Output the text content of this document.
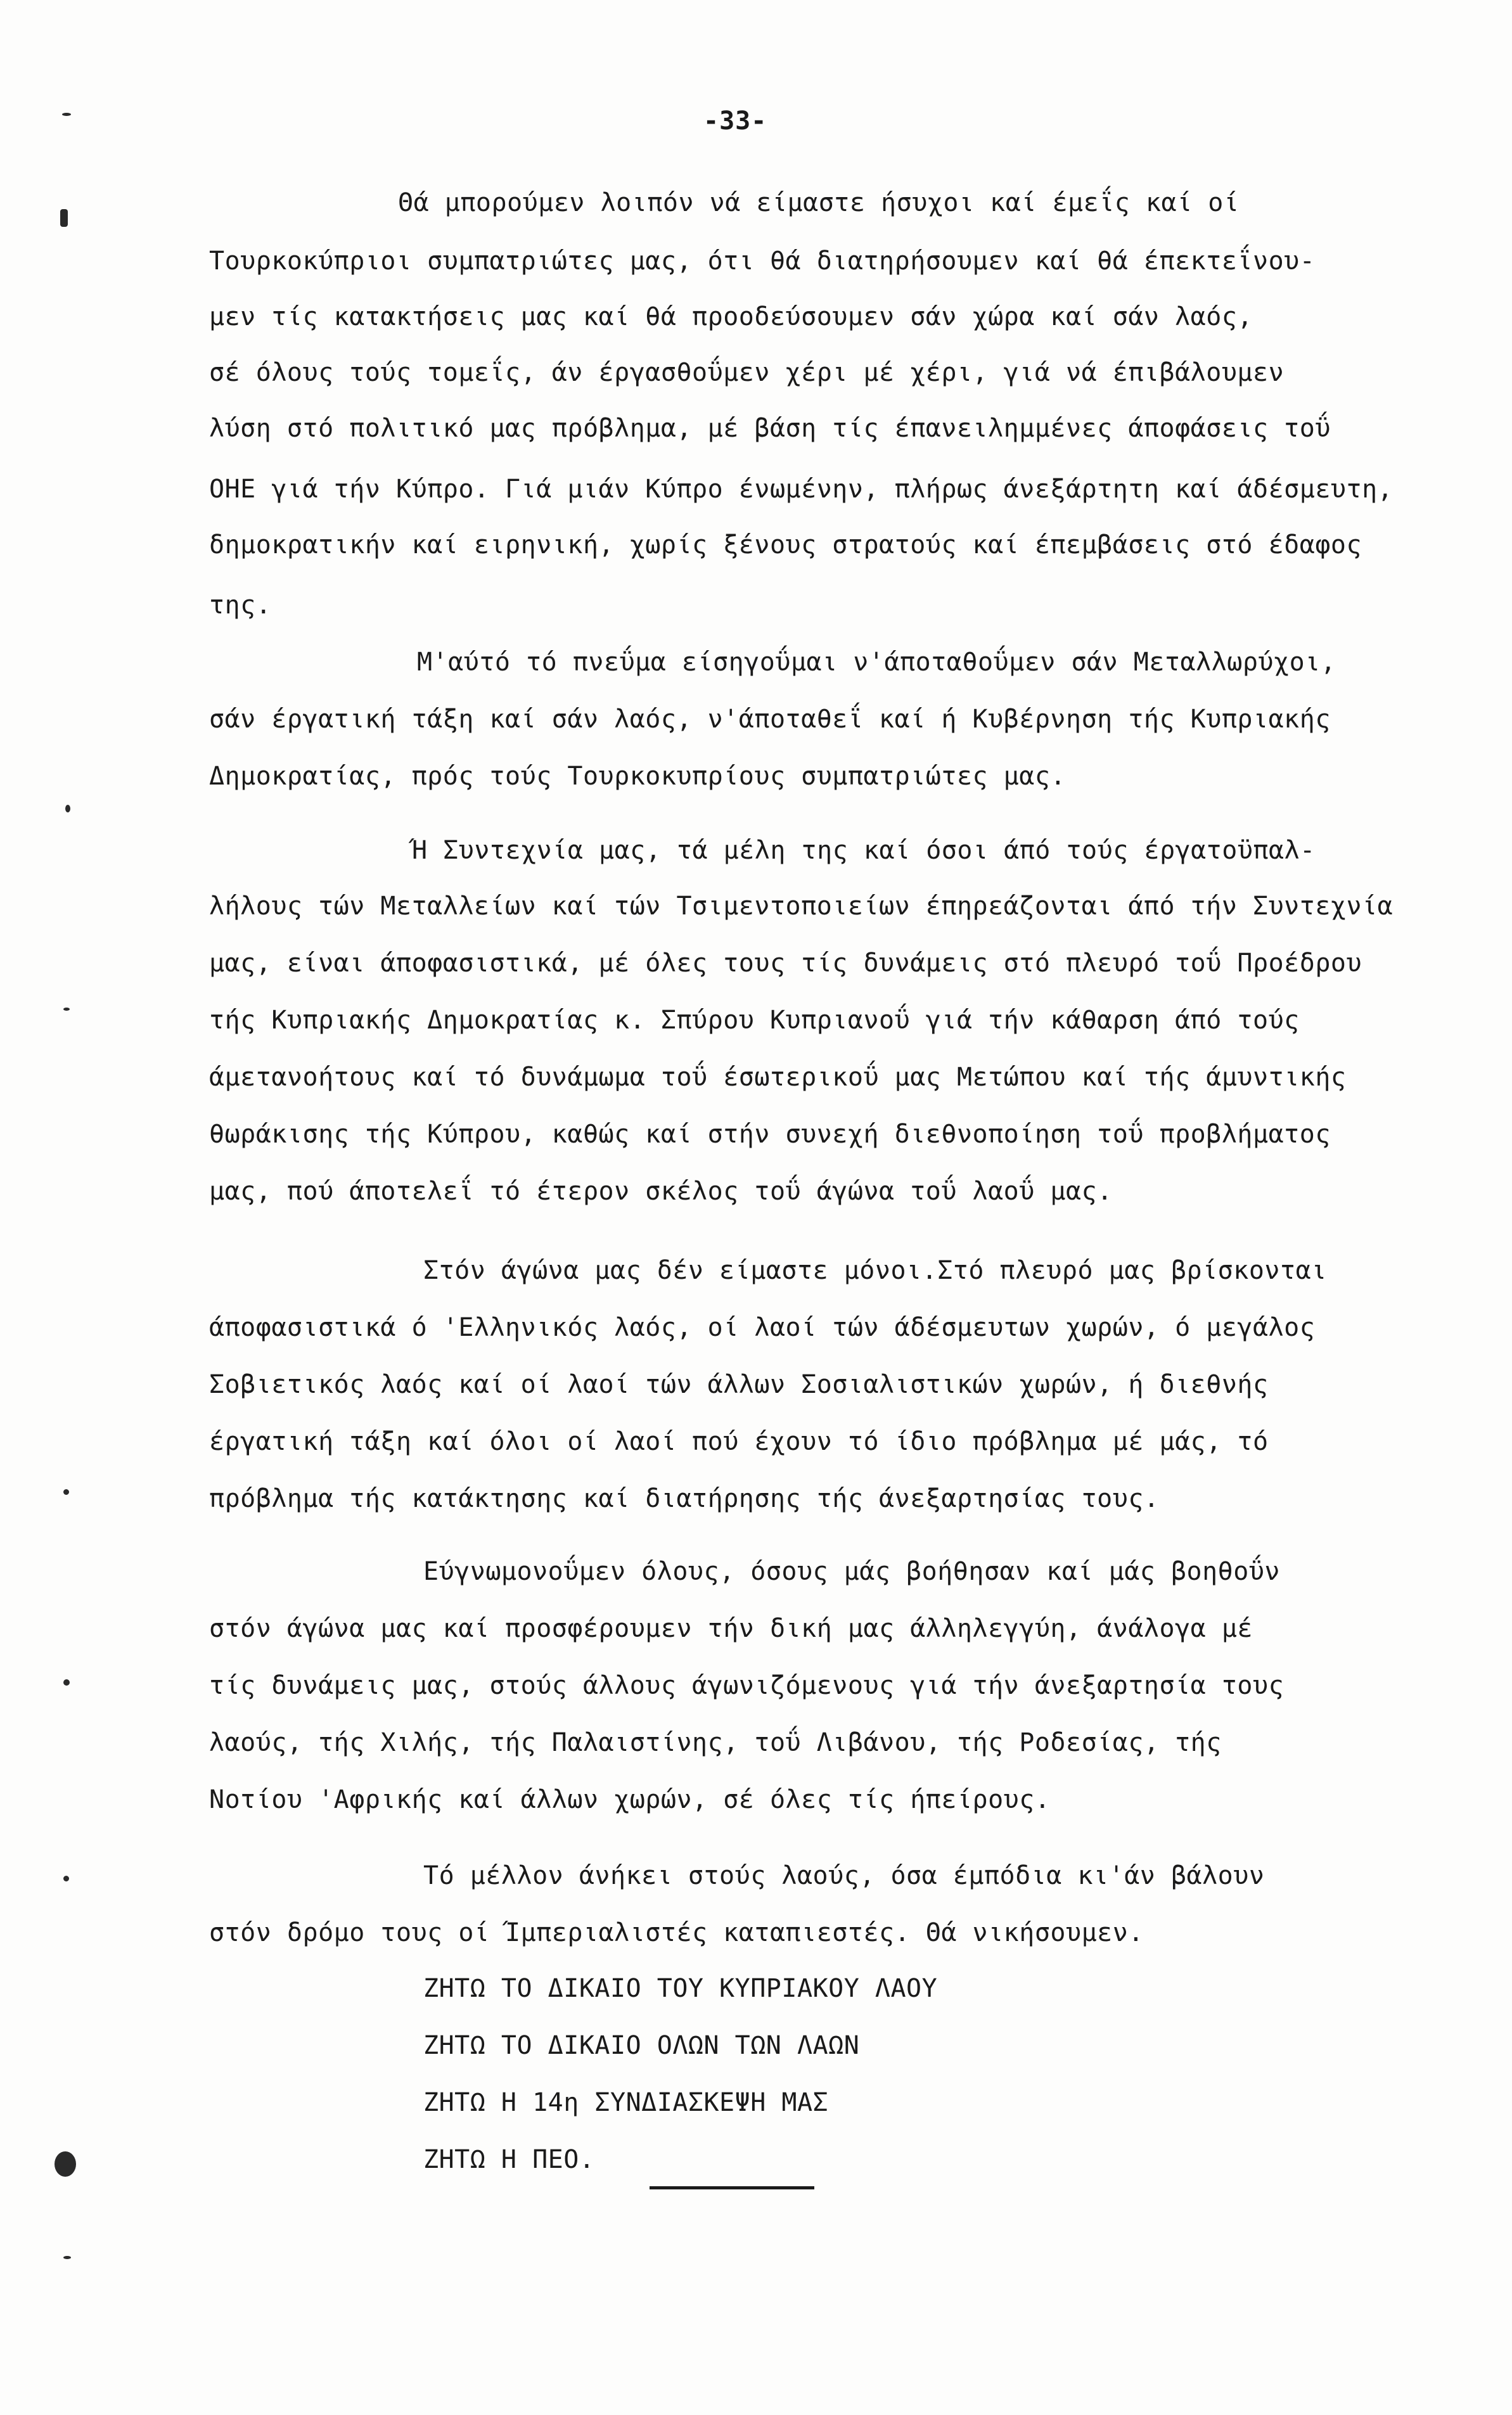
-33-
Θά μπορούμεν λοιπόν νά είμαστε ήσυχοι καί έμεΐς καί οί
Τουρκοκύπριοι συμπατριώτες μας, ότι θά διατηρήσουμεν καί θά έπεκτεΐνου-
μεν τίς κατακτήσεις μας καί θά προοδεύσουμεν σάν χώρα καί σάν λαός,
σέ όλους τούς τομεΐς, άν έργασθοΰμεν χέρι μέ χέρι, γιά νά έπιβάλουμεν
λύση στό πολιτικό μας πρόβλημα, μέ βάση τίς έπανειλημμένες άποφάσεις τοΰ
ΟΗΕ γιά τήν Κύπρο. Γιά μιάν Κύπρο ένωμένην, πλήρως άνεξάρτητη καί άδέσμευτη,
δημοκρατικήν καί ειρηνική, χωρίς ξένους στρατούς καί έπεμβάσεις στό έδαφος
της.
Μ'αύτό τό πνεΰμα είσηγοΰμαι ν'άποταθοΰμεν σάν Μεταλλωρύχοι,
σάν έργατική τάξη καί σάν λαός, ν'άποταθεΐ καί ή Κυβέρνηση τής Κυπριακής
Δημοκρατίας, πρός τούς Τουρκοκυπρίους συμπατριώτες μας.
Ή Συντεχνία μας, τά μέλη της καί όσοι άπό τούς έργατοϋπαλ-
λήλους τών Μεταλλείων καί τών Τσιμεντοποιείων έπηρεάζονται άπό τήν Συντεχνία
μας, είναι άποφασιστικά, μέ όλες τους τίς δυνάμεις στό πλευρό τοΰ Προέδρου
τής Κυπριακής Δημοκρατίας κ. Σπύρου Κυπριανοΰ γιά τήν κάθαρση άπό τούς
άμετανοήτους καί τό δυνάμωμα τοΰ έσωτερικοΰ μας Μετώπου καί τής άμυντικής
θωράκισης τής Κύπρου, καθώς καί στήν συνεχή διεθνοποίηση τοΰ προβλήματος
μας, πού άποτελεΐ τό έτερον σκέλος τοΰ άγώνα τοΰ λαοΰ μας.
Στόν άγώνα μας δέν είμαστε μόνοι.Στό πλευρό μας βρίσκονται
άποφασιστικά ό 'Ελληνικός λαός, οί λαοί τών άδέσμευτων χωρών, ό μεγάλος
Σοβιετικός λαός καί οί λαοί τών άλλων Σοσιαλιστικών χωρών, ή διεθνής
έργατική τάξη καί όλοι οί λαοί πού έχουν τό ίδιο πρόβλημα μέ μάς, τό
πρόβλημα τής κατάκτησης καί διατήρησης τής άνεξαρτησίας τους.
Εύγνωμονοΰμεν όλους, όσους μάς βοήθησαν καί μάς βοηθοΰν
στόν άγώνα μας καί προσφέρουμεν τήν δική μας άλληλεγγύη, άνάλογα μέ
τίς δυνάμεις μας, στούς άλλους άγωνιζόμενους γιά τήν άνεξαρτησία τους
λαούς, τής Χιλής, τής Παλαιστίνης, τοΰ Λιβάνου, τής Ροδεσίας, τής
Νοτίου 'Αφρικής καί άλλων χωρών, σέ όλες τίς ήπείρους.
Τό μέλλον άνήκει στούς λαούς, όσα έμπόδια κι'άν βάλουν
στόν δρόμο τους οί Ίμπεριαλιστές καταπιεστές. Θά νικήσουμεν.
ΖΗΤΩ ΤΟ ΔΙΚΑΙΟ ΤΟΥ ΚΥΠΡΙΑΚΟΥ ΛΑΟΥ
ΖΗΤΩ ΤΟ ΔΙΚΑΙΟ ΟΛΩΝ ΤΩΝ ΛΑΩΝ
ΖΗΤΩ Η 14η ΣΥΝΔΙΑΣΚΕΨΗ ΜΑΣ
ΖΗΤΩ Η ΠΕΟ.
